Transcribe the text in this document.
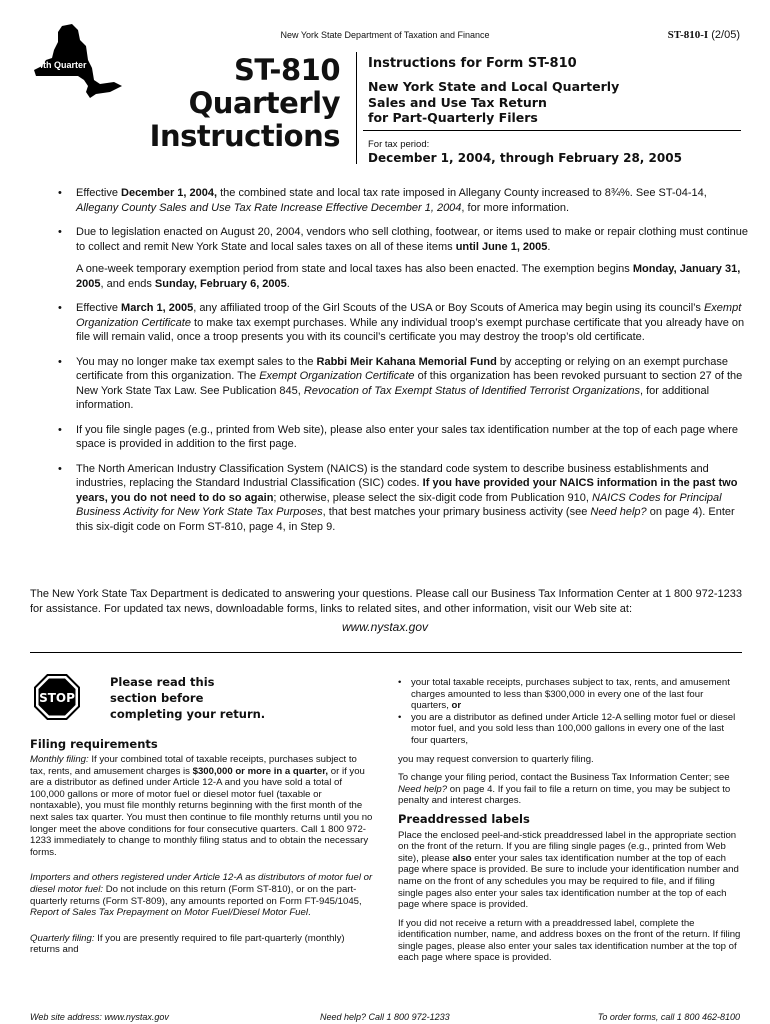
New York State Department of Taxation and Finance	ST-810-I (2/05)
4th Quarter	ST-810
Quarterly
Instructions
Instructions for Form ST-810
New York State and Local Quarterly
Sales and Use Tax Return
for Part-Quarterly Filers
For tax period:
December 1, 2004, through February 28, 2005
• Effective December 1, 2004, the combined state and local tax rate imposed in Allegany County increased to 8¾%. See ST-04-14, Allegany County Sales and Use Tax Rate Increase Effective December 1, 2004, for more information.
• Due to legislation enacted on August 20, 2004, vendors who sell clothing, footwear, or items used to make or repair clothing must continue to collect and remit New York State and local sales taxes on all of these items until June 1, 2005.
A one-week temporary exemption period from state and local taxes has also been enacted. The exemption begins Monday, January 31, 2005, and ends Sunday, February 6, 2005.
• Effective March 1, 2005, any affiliated troop of the Girl Scouts of the USA or Boy Scouts of America may begin using its council’s Exempt Organization Certificate to make tax exempt purchases. While any individual troop’s exempt purchase certificate that you already have on file will remain valid, once a troop presents you with its council’s certificate you may destroy the troop’s old certificate.
• You may no longer make tax exempt sales to the Rabbi Meir Kahana Memorial Fund by accepting or relying on an exempt purchase certificate from this organization. The Exempt Organization Certificate of this organization has been revoked pursuant to section 27 of the New York State Tax Law. See Publication 845, Revocation of Tax Exempt Status of Identified Terrorist Organizations, for additional information.
• If you file single pages (e.g., printed from Web site), please also enter your sales tax identification number at the top of each page where space is provided in addition to the first page.
• The North American Industry Classification System (NAICS) is the standard code system to describe business establishments and industries, replacing the Standard Industrial Classification (SIC) codes. If you have provided your NAICS information in the past two years, you do not need to do so again; otherwise, please select the six-digit code from Publication 910, NAICS Codes for Principal Business Activity for New York State Tax Purposes, that best matches your primary business activity (see Need help? on page 4). Enter this six-digit code on Form ST-810, page 4, in Step 9.
The New York State Tax Department is dedicated to answering your questions. Please call our Business Tax Information Center at 1 800 972-1233 for assistance. For updated tax news, downloadable forms, links to related sites, and other information, visit our Web site at:
www.nystax.gov
STOP
Please read this
section before
completing your return.
Filing requirements

Monthly filing: If your combined total of taxable receipts, purchases subject to tax, rents, and amusement charges is $300,000 or more in a quarter, or if you are a distributor as defined under Article 12-A and you have sold a total of 100,000 gallons or more of motor fuel or diesel motor fuel (taxable or nontaxable), you must file monthly returns beginning with the first month of the next sales tax quarter. You must then continue to file monthly returns until you no longer meet the above conditions for four consecutive quarters. Call 1 800 972-1233 immediately to change to monthly filing status and to obtain the necessary forms.

Importers and others registered under Article 12-A as distributors of motor fuel or diesel motor fuel: Do not include on this return (Form ST-810), or on the part-quarterly returns (Form ST-809), any amounts reported on Form FT-945/1045, Report of Sales Tax Prepayment on Motor Fuel/Diesel Motor Fuel.

Quarterly filing: If you are presently required to file part-quarterly (monthly) returns and

• your total taxable receipts, purchases subject to tax, rents, and amusement charges amounted to less than $300,000 in every one of the last four quarters, or
• you are a distributor as defined under Article 12-A selling motor fuel or diesel motor fuel, and you sold less than 100,000 gallons in every one of the last four quarters,

you may request conversion to quarterly filing.

To change your filing period, contact the Business Tax Information Center; see Need help? on page 4. If you fail to file a return on time, you may be subject to penalty and interest charges.

Preaddressed labels

Place the enclosed peel-and-stick preaddressed label in the appropriate section on the front of the return. If you are filing single pages (e.g., printed from Web site), please also enter your sales tax identification number at the top of each page where space is provided. Be sure to include your identification number and name on the front of any schedules you may be required to file, and if filing single pages also enter your sales tax identification number at the top of each page where space is provided.

If you did not receive a return with a preaddressed label, complete the identification number, name, and address boxes on the front of the return. If filing single pages, please also enter your sales tax identification number at the top of each page where space is provided.

Web site address: www.nystax.gov	Need help? Call 1 800 972-1233	To order forms, call 1 800 462-8100
